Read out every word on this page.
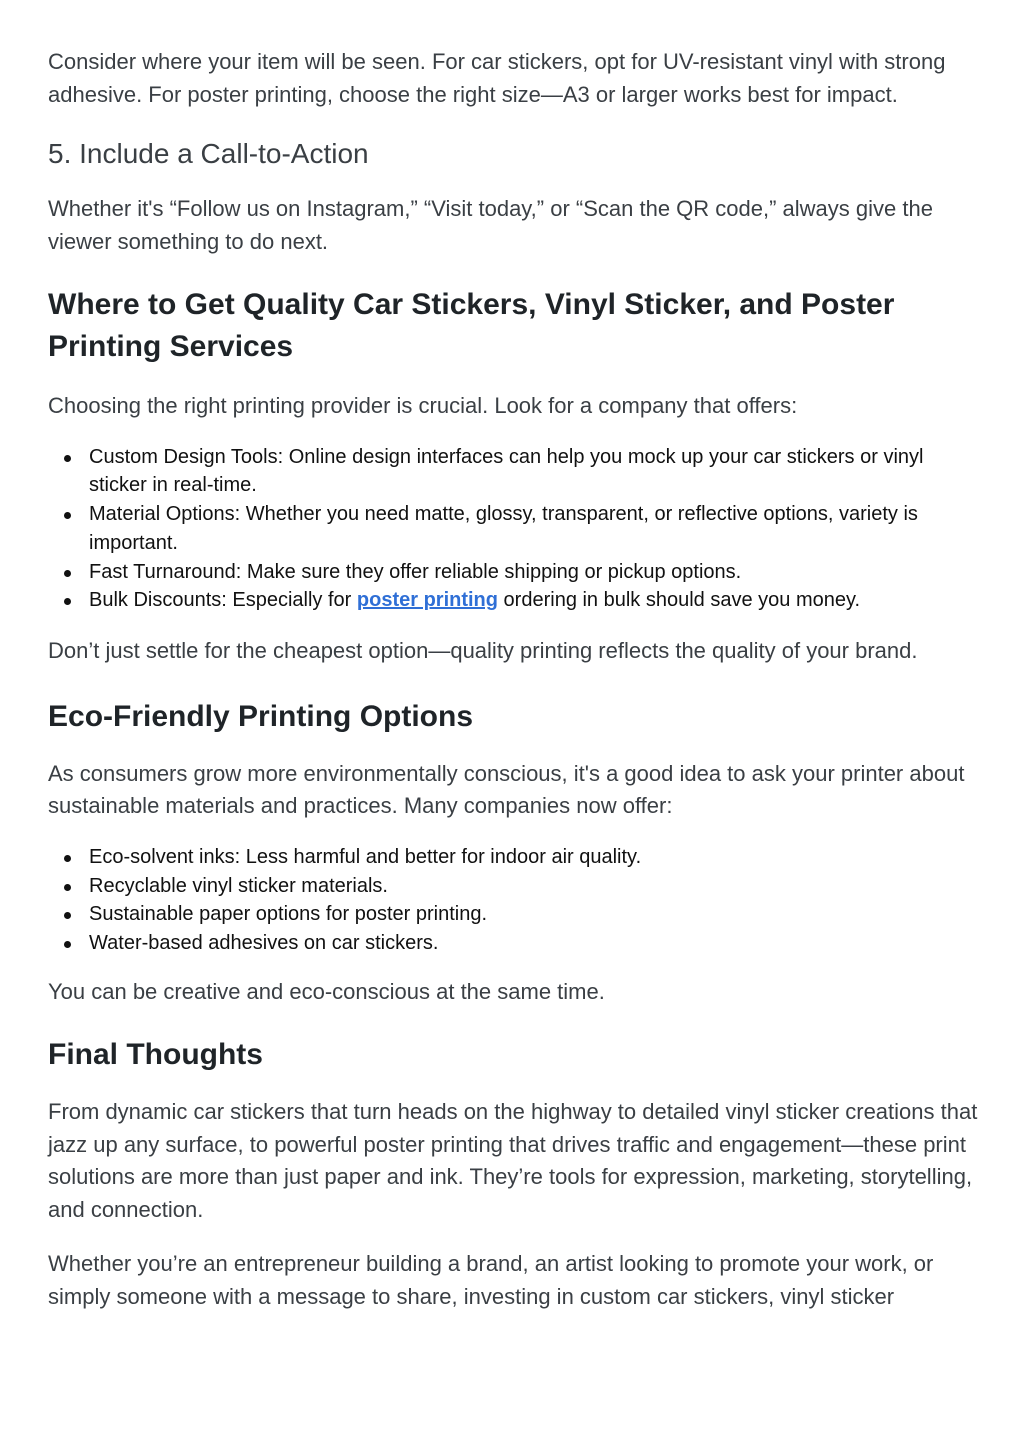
Consider where your item will be seen. For car stickers, opt for UV-resistant vinyl with strong adhesive. For poster printing, choose the right size—A3 or larger works best for impact.

5. Include a Call-to-Action

Whether it's “Follow us on Instagram,” “Visit today,” or “Scan the QR code,” always give the viewer something to do next.

Where to Get Quality Car Stickers, Vinyl Sticker, and Poster Printing Services

Choosing the right printing provider is crucial. Look for a company that offers:

Custom Design Tools: Online design interfaces can help you mock up your car stickers or vinyl sticker in real-time.
Material Options: Whether you need matte, glossy, transparent, or reflective options, variety is important.
Fast Turnaround: Make sure they offer reliable shipping or pickup options.
Bulk Discounts: Especially for poster printing ordering in bulk should save you money.

Don’t just settle for the cheapest option—quality printing reflects the quality of your brand.

Eco-Friendly Printing Options

As consumers grow more environmentally conscious, it's a good idea to ask your printer about sustainable materials and practices. Many companies now offer:

Eco-solvent inks: Less harmful and better for indoor air quality.
Recyclable vinyl sticker materials.
Sustainable paper options for poster printing.
Water-based adhesives on car stickers.

You can be creative and eco-conscious at the same time.

Final Thoughts

From dynamic car stickers that turn heads on the highway to detailed vinyl sticker creations that jazz up any surface, to powerful poster printing that drives traffic and engagement—these print solutions are more than just paper and ink. They’re tools for expression, marketing, storytelling, and connection.

Whether you’re an entrepreneur building a brand, an artist looking to promote your work, or simply someone with a message to share, investing in custom car stickers, vinyl sticker
